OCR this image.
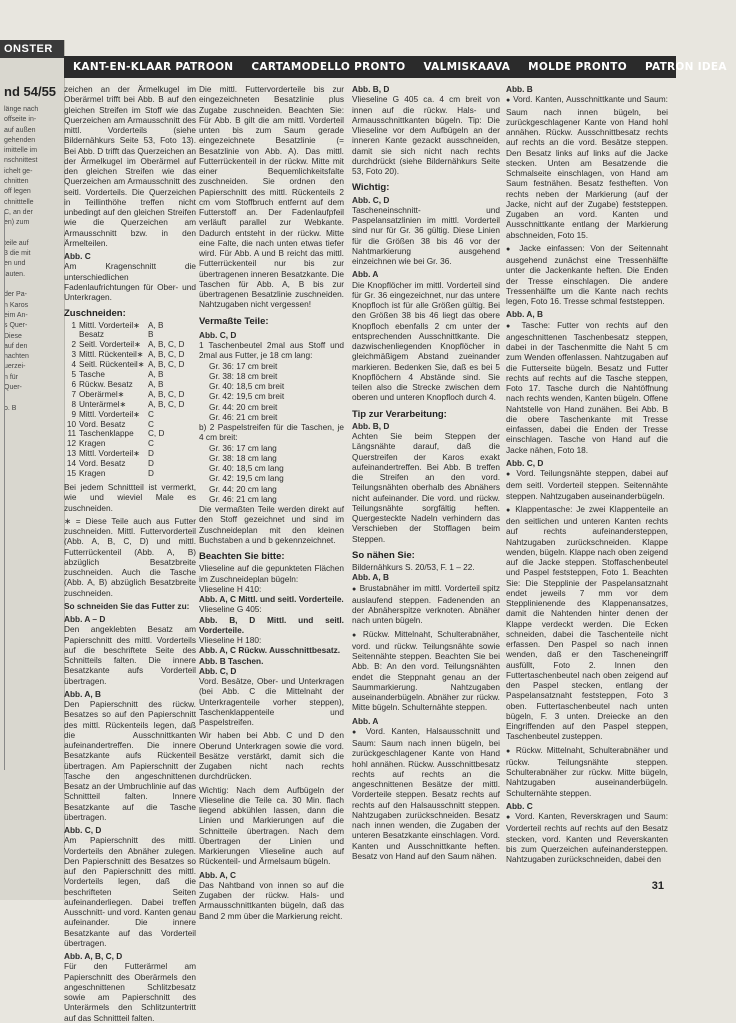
ONSTER
nd 54/55
länge nach
offseite in-
auf außen
gehenden
imittelle im
nschnittest
ichelt ge-
chnitten
off legen
chnitttelle
C, an der
en) zum

teile auf
3 die mit
en und
lauten.

der Pa-
n Karos
eim An-
s Quer-
Diese
auf den
nachten
uerzei-
n für
Quer-

o. B
KANT-EN-KLAAR PATROON	CARTAMODELLO PRONTO	VALMISKAAVA	MOLDE PRONTO	PATRON IDEA

zeichen an der Ärmelkugel im Oberärmel trifft bei Abb. B auf den gleichen Streifen im Stoff wie das Querzeichen am Armausschnitt des mittl. Vorderteils (siehe Bildernähkurs Seite 53, Foto 13). Bei Abb. D trifft das Querzeichen an der Ärmelkugel im Oberärmel auf den gleichen Streifen wie das Querzeichen am Armausschnitt des seitl. Vorderteils. Die Querzeichen in Teillinthöhe treffen nicht unbedingt auf den gleichen Streifen wie die Querzeichen am Armausschnitt bzw. in den Ärmelteilen.

Abb. C

Am Kragenschnitt die unterschiedlichen Fadenlaufrichtungen für Ober- und Unterkragen.

Zuschneiden:
1	Mittl. Vorderteil∗	A, B
	Besatz	B
2	Seitl. Vorderteil∗	A, B, C, D
3	Mittl. Rückenteil∗	A, B, C, D
4	Seitl. Rückenteil∗	A, B, C, D
5	Tasche	A, B
6	Rückw. Besatz	A, B
7	Oberärmel∗	A, B, C, D
8	Unterärmel∗	A, B, C, D
9	Mittl. Vorderteil∗	C
10	Vord. Besatz	C
11	Taschenklappe	C, D
12	Kragen	C
13	Mittl. Vorderteil∗	D
14	Vord. Besatz	D
15	Kragen	D

Bei jedem Schnittteil ist vermerkt, wie und wieviel Male es zuschneiden.

∗ = Diese Teile auch aus Futter zuschneiden. Mittl. Futtervorderteil (Abb. A, B, C, D) und mittl. Futterrückenteil (Abb. A, B) abzüglich Besatzbreite zuschneiden. Auch die Tasche (Abb. A, B) abzüglich Besatzbreite zuschneiden.

So schneiden Sie das Futter zu:
Abb. A – D

Den angeklebten Besatz am Papierschnitt des mittl. Vorderteils auf die beschriftete Seite des Schnitteils falten. Die innere Besatzkante aufs Vorderteil übertragen.

Abb. A, B

Den Papierschnitt des rückw. Besatzes so auf den Papierschnitt des mittl. Rückenteils legen, daß die Ausschnittkanten aufeinandertreffen. Die innere Besatzkante aufs Rückenteil übertragen. Am Papierschnitt der Tasche den angeschnittenen Besatz an der Umbruchlinie auf das Schnittteil falten. Innere Besatzkante auf die Tasche übertragen.

Abb. C, D

Am Papierschnitt des mittl. Vorderteils den Abnäher zulegen. Den Papierschnitt des Besatzes so auf den Papierschnitt des mittl. Vorderteils legen, daß die beschrifteten Seiten aufeinanderliegen. Dabei treffen Ausschnitt- und vord. Kanten genau aufeinander. Die innere Besatzkante auf das Vorderteil übertragen.

Abb. A, B, C, D

Für den Futterärmel am Papierschnitt des Oberärmels den angeschnittenen Schlitzbesatz sowie am Papierschnitt des Unterärmels den Schlitzuntertritt auf das Schnittteil falten.

Die mittl. Futtervorderteile bis zur eingezeichneten Besatzlinie plus Zugabe zuschneiden. Beachten Sie: Für Abb. B gilt die am mittl. Vorderteil unten bis zum Saum gerade eingezeichnete Besatzlinie (= Besatzlinie von Abb. A). Das mittl. Futterrückenteil in der rückw. Mitte mit einer Bequemlichkeitsfalte zuschneiden. Sie ordnen den Papierschnitt des mittl. Rückenteils 2 cm vom Stoffbruch entfernt auf dem Futterstoff an. Der Fadenlaufpfeil verläuft parallel zur Webkante. Dadurch entsteht in der rückw. Mitte eine Falte, die nach unten etwas tiefer wird. Für Abb. A und B reicht das mittl. Futterrückenteil nur bis zur übertragenen inneren Besatzkante. Die Taschen für Abb. A, B bis zur übertragenen Besatzlinie zuschneiden. Nahtzugaben nicht vergessen!

Vermaßte Teile:
Abb. C, D

1 Taschenbeutel 2mal aus Stoff und 2mal aus Futter, je 18 cm lang:

Gr. 36: 17 cm breit
Gr. 38: 18 cm breit
Gr. 40: 18,5 cm breit
Gr. 42: 19,5 cm breit
Gr. 44: 20 cm breit
Gr. 46: 21 cm breit

b) 2 Paspelstreifen für die Taschen, je 4 cm breit:

Gr. 36: 17 cm lang
Gr. 38: 18 cm lang
Gr. 40: 18,5 cm lang
Gr. 42: 19,5 cm lang
Gr. 44: 20 cm lang
Gr. 46: 21 cm lang

Die vermaßten Teile werden direkt auf den Stoff gezeichnet und sind im Zuschneideplan mit den kleinen Buchstaben a und b gekennzeichnet.

Beachten Sie bitte:

Vlieseline auf die gepunkteten Flächen im Zuschneideplan bügeln:

Vlieseline H 410:
Abb. A, C Mittl. und seitl. Vorderteile.
Vlieseline G 405:
Abb. B, D Mittl. und seitl. Vorderteile.
Vlieseline H 180:
Abb. A, C Rückw. Ausschnittbesatz.
Abb. B Taschen.
Abb. C, D

Vord. Besätze, Ober- und Unterkragen (bei Abb. C die Mittelnaht der Unterkragenteile vorher steppen), Taschenklappenteile und Paspelstreifen.

Wir haben bei Abb. C und D den Oberund Unterkragen sowie die vord. Besätze verstärkt, damit sich die Zugaben nicht nach rechts durchdrücken.

Wichtig: Nach dem Aufbügeln der Vlieseline die Teile ca. 30 Min. flach liegend abkühlen lassen, dann die Linien und Markierungen auf die Schnitteile übertragen. Nach dem Übertragen der Linien und Markierungen Vlieseline auch auf Rückenteil- und Ärmelsaum bügeln.

Abb. A, C

Das Nahtband von innen so auf die Zugaben der rückw. Hals- und Armausschnittkanten bügeln, daß das Band 2 mm über die Markierung reicht.

Abb. B, D

Vlieseline G 405 ca. 4 cm breit von innen auf die rückw. Hals- und Armausschnittkanten bügeln. Tip: Die Vlieseline vor dem Aufbügeln an der inneren Kante gezackt ausschneiden, damit sie sich nicht nach rechts durchdrückt (siehe Bildernähkurs Seite 53, Foto 20).

Wichtig:
Abb. C, D

Tascheneinschnitt- und Paspelansatzlinien im mittl. Vorderteil sind nur für Gr. 36 gültig. Diese Linien für die Größen 38 bis 46 vor der Nahtmarkierung ausgehend einzeichnen wie bei Gr. 36.

Abb. A

Die Knopflöcher im mittl. Vorderteil sind für Gr. 36 eingezeichnet, nur das untere Knopfloch ist für alle Größen gültig. Bei den Größen 38 bis 46 liegt das obere Knopfloch ebenfalls 2 cm unter der entsprechenden Ausschnittkante. Die dazwischenliegenden Knopflöcher in gleichmäßigem Abstand zueinander markieren. Bedenken Sie, daß es bei 5 Knopflöchern 4 Abstände sind. Sie teilen also die Strecke zwischen dem oberen und unteren Knopfloch durch 4.

Tip zur Verarbeitung:
Abb. B, D

Achten Sie beim Steppen der Längsnähte darauf, daß die Querstreifen der Karos exakt aufeinandertreffen. Bei Abb. B treffen die Streifen an den vord. Teilungsnähten oberhalb des Abnähers nicht aufeinander. Die vord. und rückw. Teilungsnähte sorgfältig heften. Quergesteckte Nadeln verhindern das Verschieben der Stofflagen beim Steppen.

So nähen Sie:
Bildernähkurs S. 20/53, F. 1 – 22.
Abb. A, B

● Brustabnäher im mittl. Vorderteil spitz auslaufend steppen. Fadenenden an der Abnäherspitze verknoten. Abnäher nach unten bügeln.

● Rückw. Mittelnaht, Schulterabnäher, vord. und rückw. Teilungsnähte sowie Seitennähte steppen. Beachten Sie bei Abb. B: An den vord. Teilungsnähten endet die Steppnaht genau an der Saummarkierung. Nahtzugaben auseinanderbügeln. Abnäher zur rückw. Mitte bügeln. Schulternähte steppen.

Abb. A

● Vord. Kanten, Halsausschnitt und Saum: Saum nach innen bügeln, bei zurückgeschlagener Kante von Hand hohl annähen. Rückw. Ausschnittbesatz rechts auf rechts an die angeschnittenen Besätze der mittl. Vorderteile steppen. Besatz rechts auf rechts auf den Halsausschnitt steppen. Nahtzugaben zurückschneiden. Besatz nach innen wenden, die Zugaben der unteren Besatzkante einschlagen. Vord. Kanten und Ausschnittkante heften. Besatz von Hand auf den Saum nähen.

Abb. B

● Vord. Kanten, Ausschnittkante und Saum: Saum nach innen bügeln, bei zurückgeschlagener Kante von Hand hohl annähen. Rückw. Ausschnittbesatz rechts auf rechts an die vord. Besätze steppen. Den Besatz links auf links auf die Jacke stecken. Unten am Besatzende die Schmalseite einschlagen, von Hand am Saum festnähen. Besatz festheften. Von rechts neben der Markierung (auf der Jacke, nicht auf der Zugabe) feststeppen. Zugaben an vord. Kanten und Ausschnittkante entlang der Markierung abschneiden, Foto 15.

● Jacke einfassen: Von der Seitennaht ausgehend zunächst eine Tressenhälfte unter die Jackenkante heften. Die Enden der Tresse einschlagen. Die andere Tressenhälfte um die Kante nach rechts legen, Foto 16. Tresse schmal feststeppen.

Abb. A, B

● Tasche: Futter von rechts auf den angeschnittenen Taschenbesatz steppen, dabei in der Taschenmitte die Naht 5 cm zum Wenden offenlassen. Nahtzugaben auf die Futterseite bügeln. Besatz und Futter rechts auf rechts auf die Tasche steppen, Foto 17. Tasche durch die Nahtöffnung nach rechts wenden, Kanten bügeln. Offene Nahtstelle von Hand zunähen. Bei Abb. B die obere Taschenkante mit Tresse einfassen, dabei die Enden der Tresse einschlagen. Tasche von Hand auf die Jacke nähen, Foto 18.

Abb. C, D

● Vord. Teilungsnähte steppen, dabei auf dem seitl. Vorderteil steppen. Seitennähte steppen. Nahtzugaben auseinanderbügeln.

● Klappentasche: Je zwei Klappenteile an den seitlichen und unteren Kanten rechts auf rechts aufeinandersteppen, Nahtzugaben zurückschneiden. Klappe wenden, bügeln. Klappe nach oben zeigend auf die Jacke steppen. Stoffaschenbeutel und Paspel feststeppen, Foto 1. Beachten Sie: Die Stepplinie der Paspelansatznaht endet jeweils 7 mm vor dem Stepplinienende des Klappenansatzes, damit die Nahtenden hinter denen der Klappe verdeckt werden. Die Ecken schneiden, dabei die Taschenteile nicht erfassen. Den Paspel so nach innen wenden, daß er den Tascheneingriff ausfüllt, Foto 2. Innen den Futtertaschenbeutel nach oben zeigend auf den Paspel stecken, entlang der Paspelansatznaht feststeppen, Foto 3 oben. Futtertaschenbeutel nach unten bügeln, F. 3 unten. Dreiecke an den Eingriffenden auf den Paspel steppen, Taschenbeutel zusteppen.

● Rückw. Mittelnaht, Schulterabnäher und rückw. Teilungsnähte steppen. Schulterabnäher zur rückw. Mitte bügeln, Nahtzugaben auseinanderbügeln. Schulternähte steppen.

Abb. C

● Vord. Kanten, Reverskragen und Saum: Vorderteil rechts auf rechts auf den Besatz stecken, vord. Kanten und Reverskanten bis zum Querzeichen aufeinandersteppen. Nahtzugaben zurückschneiden, dabei den

31
